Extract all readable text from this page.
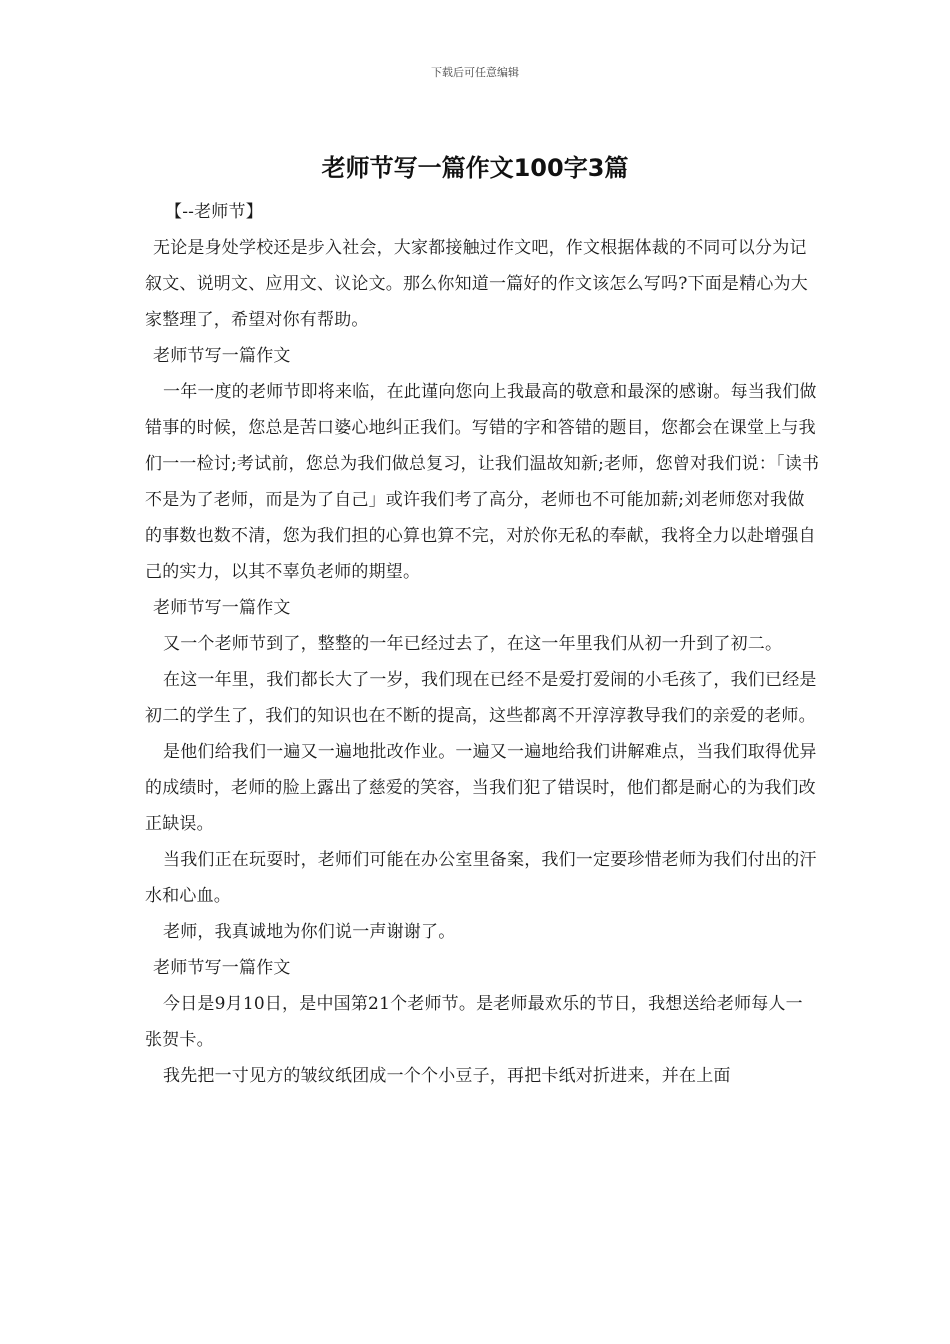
下载后可任意编辑
老师节写一篇作文100字3篇

【--老师节】

无论是身处学校还是步入社会，大家都接触过作文吧，作文根据体裁的不同可以分为记叙文、说明文、应用文、议论文。那么你知道一篇好的作文该怎么写吗?下面是精心为大家整理了，希望对你有帮助。

老师节写一篇作文

一年一度的老师节即将来临，在此谨向您向上我最高的敬意和最深的感谢。每当我们做错事的时候，您总是苦口婆心地纠正我们。写错的字和答错的题目，您都会在课堂上与我们一一检讨;考试前，您总为我们做总复习，让我们温故知新;老师，您曾对我们说：「读书不是为了老师，而是为了自己」或许我们考了高分，老师也不可能加薪;刘老师您对我做的事数也数不清，您为我们担的心算也算不完，对於你无私的奉献，我将全力以赴增强自己的实力，以其不辜负老师的期望。

老师节写一篇作文

又一个老师节到了，整整的一年已经过去了，在这一年里我们从初一升到了初二。

在这一年里，我们都长大了一岁，我们现在已经不是爱打爱闹的小毛孩了，我们已经是初二的学生了，我们的知识也在不断的提高，这些都离不开淳淳教导我们的亲爱的老师。

是他们给我们一遍又一遍地批改作业。一遍又一遍地给我们讲解难点，当我们取得优异的成绩时，老师的脸上露出了慈爱的笑容，当我们犯了错误时，他们都是耐心的为我们改正缺误。

当我们正在玩耍时，老师们可能在办公室里备案，我们一定要珍惜老师为我们付出的汗水和心血。

老师，我真诚地为你们说一声谢谢了。

老师节写一篇作文

今日是9月10日，是中国第21个老师节。是老师最欢乐的节日，我想送给老师每人一张贺卡。

我先把一寸见方的皱纹纸团成一个个小豆子，再把卡纸对折进来，并在上面
